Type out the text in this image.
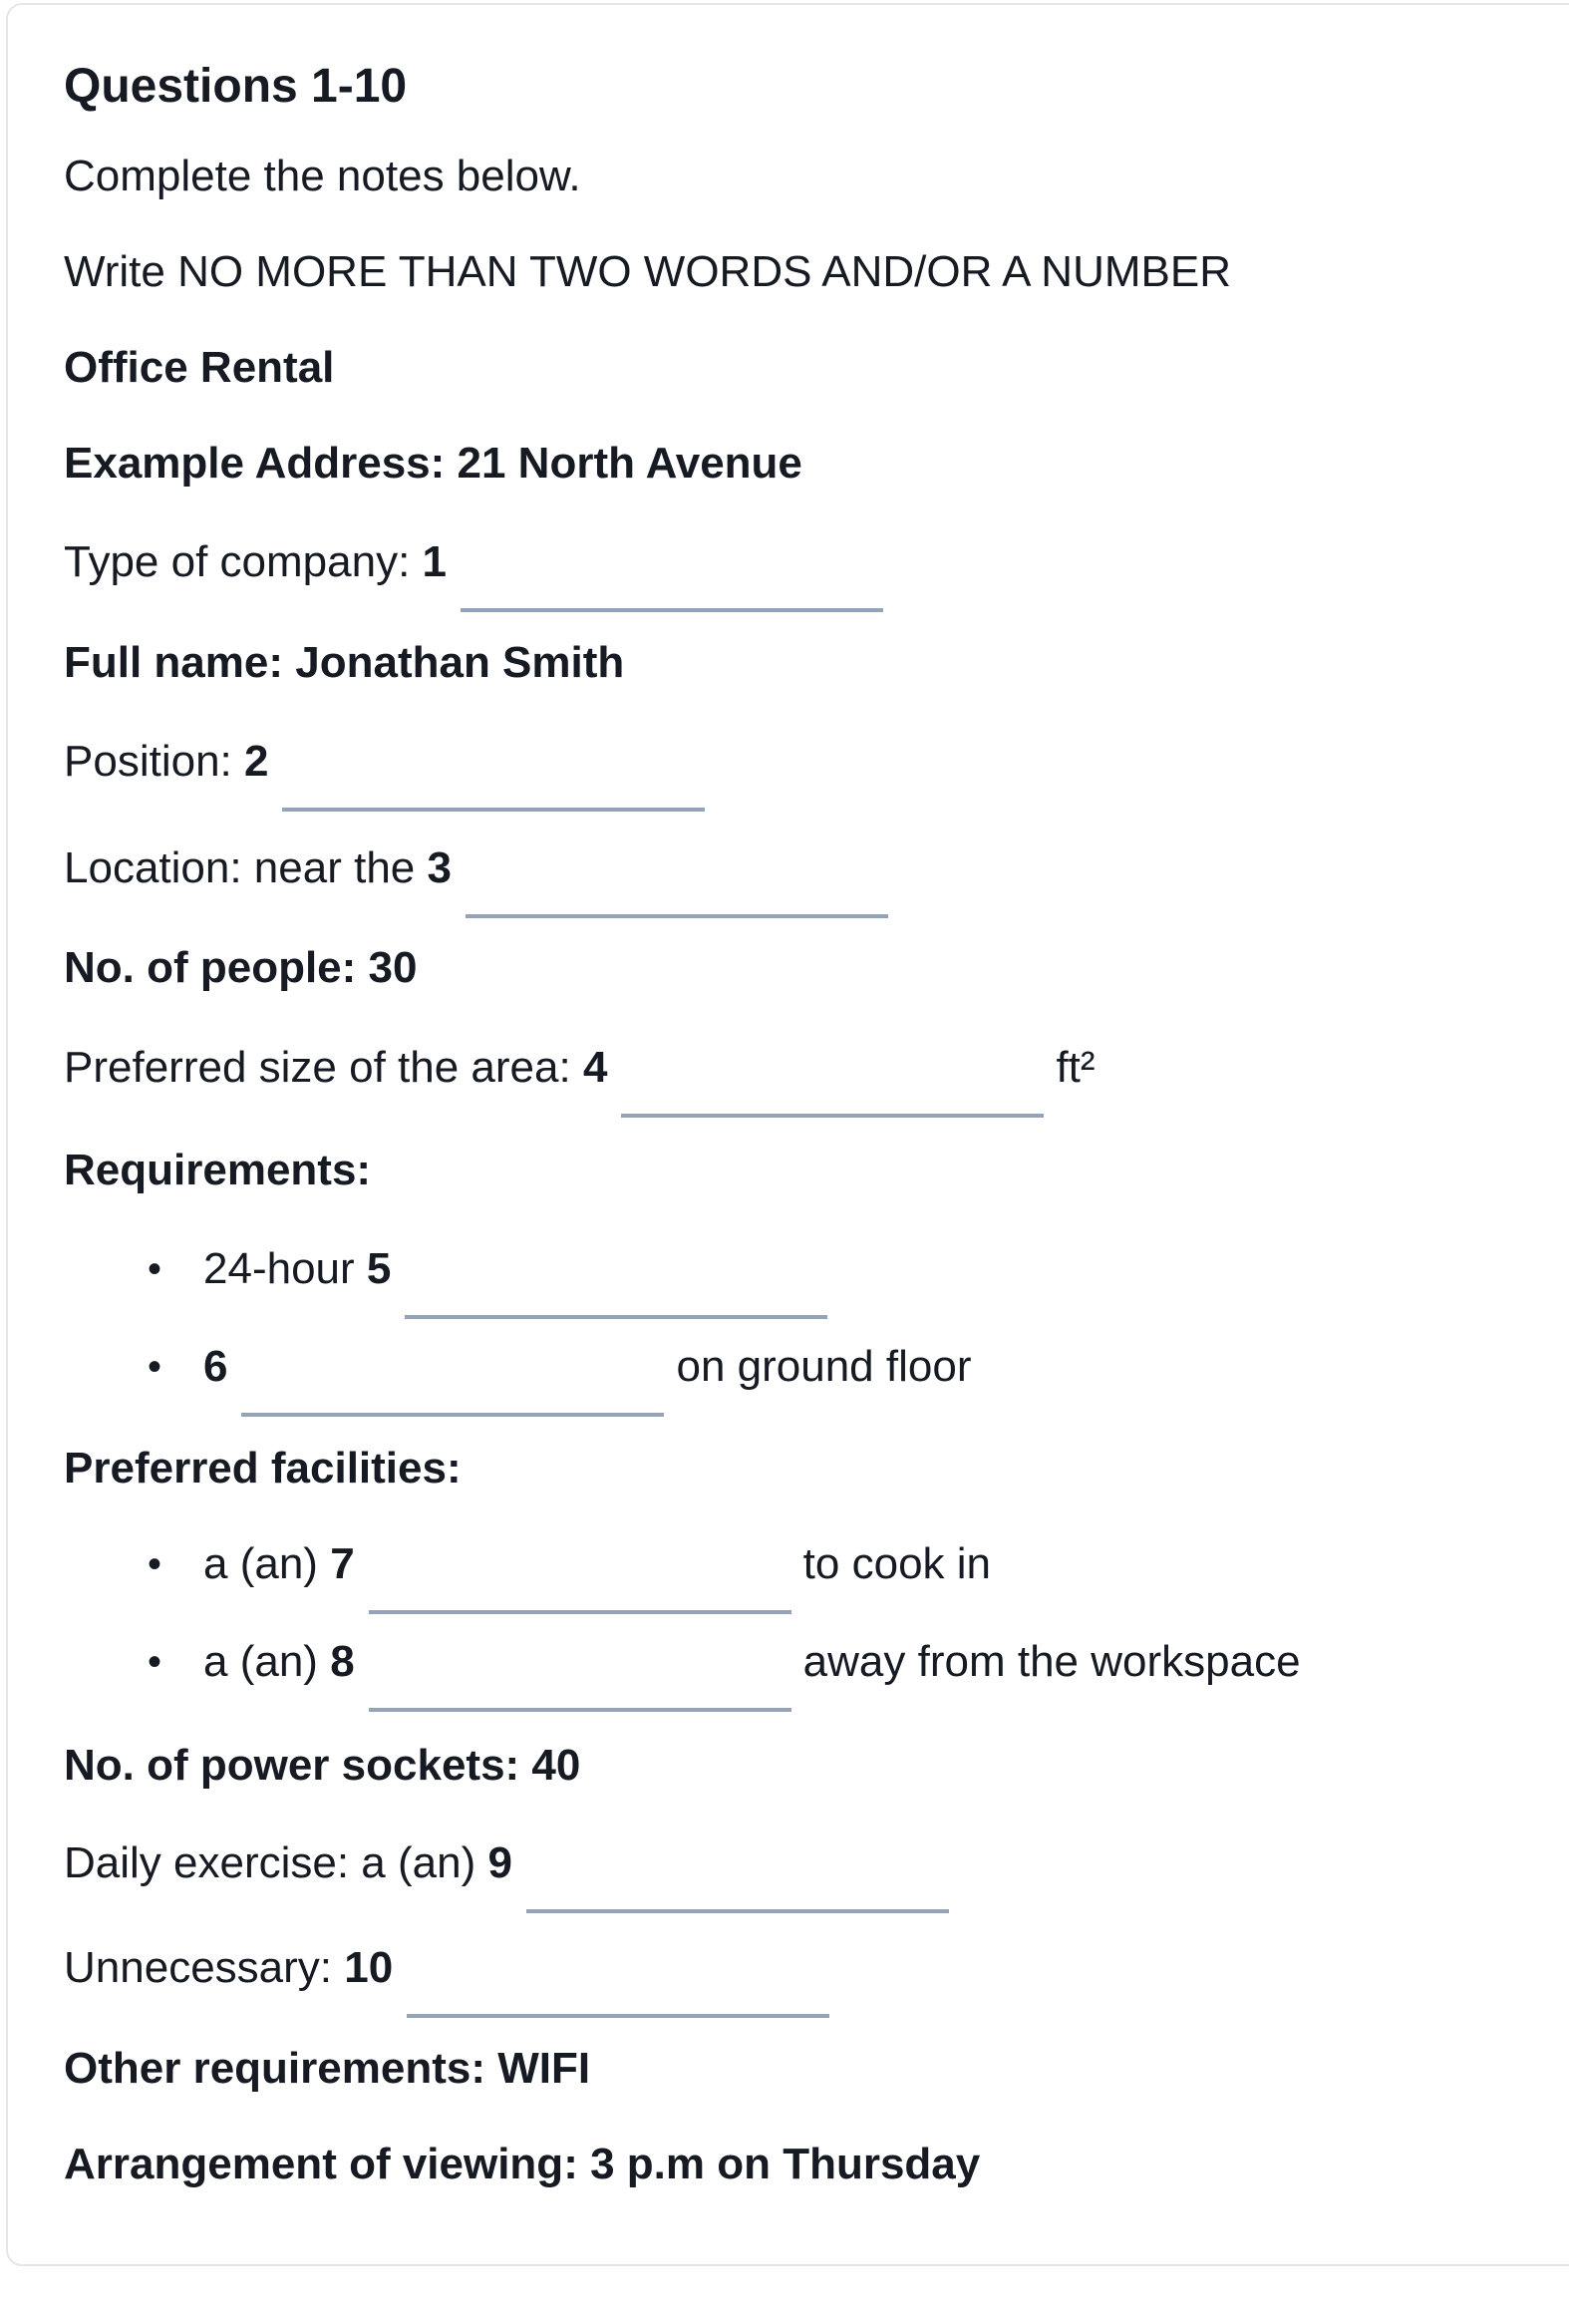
Questions 1-10
Complete the notes below.
Write NO MORE THAN TWO WORDS AND/OR A NUMBER
Office Rental
Example Address: 21 North Avenue
Type of company: 1
Full name: Jonathan Smith
Position: 2
Location: near the 3
No. of people: 30
Preferred size of the area: 4	ft²
Requirements:
• 24-hour 5
• 6	on ground floor
Preferred facilities:
• a (an) 7	to cook in
• a (an) 8	away from the workspace
No. of power sockets: 40
Daily exercise: a (an) 9
Unnecessary: 10
Other requirements: WIFI
Arrangement of viewing: 3 p.m on Thursday
